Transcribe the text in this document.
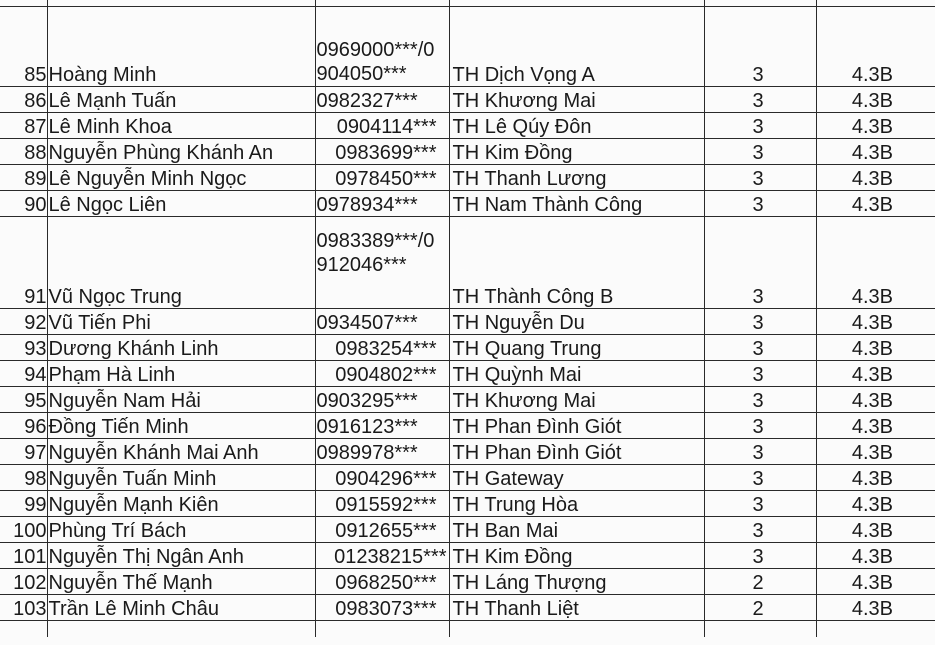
85	Hoàng Minh	0969000***/0904050***	TH Dịch Vọng A	3	4.3B
86	Lê Mạnh Tuấn	0982327***	TH Khương Mai	3	4.3B
87	Lê Minh Khoa	0904114***	TH Lê Qúy Đôn	3	4.3B
88	Nguyễn Phùng Khánh An	0983699***	TH Kim Đồng	3	4.3B
89	Lê Nguyễn Minh Ngọc	0978450***	TH Thanh Lương	3	4.3B
90	Lê Ngọc Liên	0978934***	TH Nam Thành Công	3	4.3B
91	Vũ Ngọc Trung	0983389***/0912046***	TH Thành Công B	3	4.3B
92	Vũ Tiến Phi	0934507***	TH Nguyễn Du	3	4.3B
93	Dương Khánh Linh	0983254***	TH Quang Trung	3	4.3B
94	Phạm Hà Linh	0904802***	TH Quỳnh Mai	3	4.3B
95	Nguyễn Nam Hải	0903295***	TH Khương Mai	3	4.3B
96	Đồng Tiến Minh	0916123***	TH Phan Đình Giót	3	4.3B
97	Nguyễn Khánh Mai Anh	0989978***	TH Phan Đình Giót	3	4.3B
98	Nguyễn Tuấn Minh	0904296***	TH Gateway	3	4.3B
99	Nguyễn Mạnh Kiên	0915592***	TH Trung Hòa	3	4.3B
100	Phùng Trí Bách	0912655***	TH Ban Mai	3	4.3B
101	Nguyễn Thị Ngân Anh	01238215***	TH Kim Đồng	3	4.3B
102	Nguyễn Thế Mạnh	0968250***	TH Láng Thượng	2	4.3B
103	Trần Lê Minh Châu	0983073***	TH Thanh Liệt	2	4.3B
